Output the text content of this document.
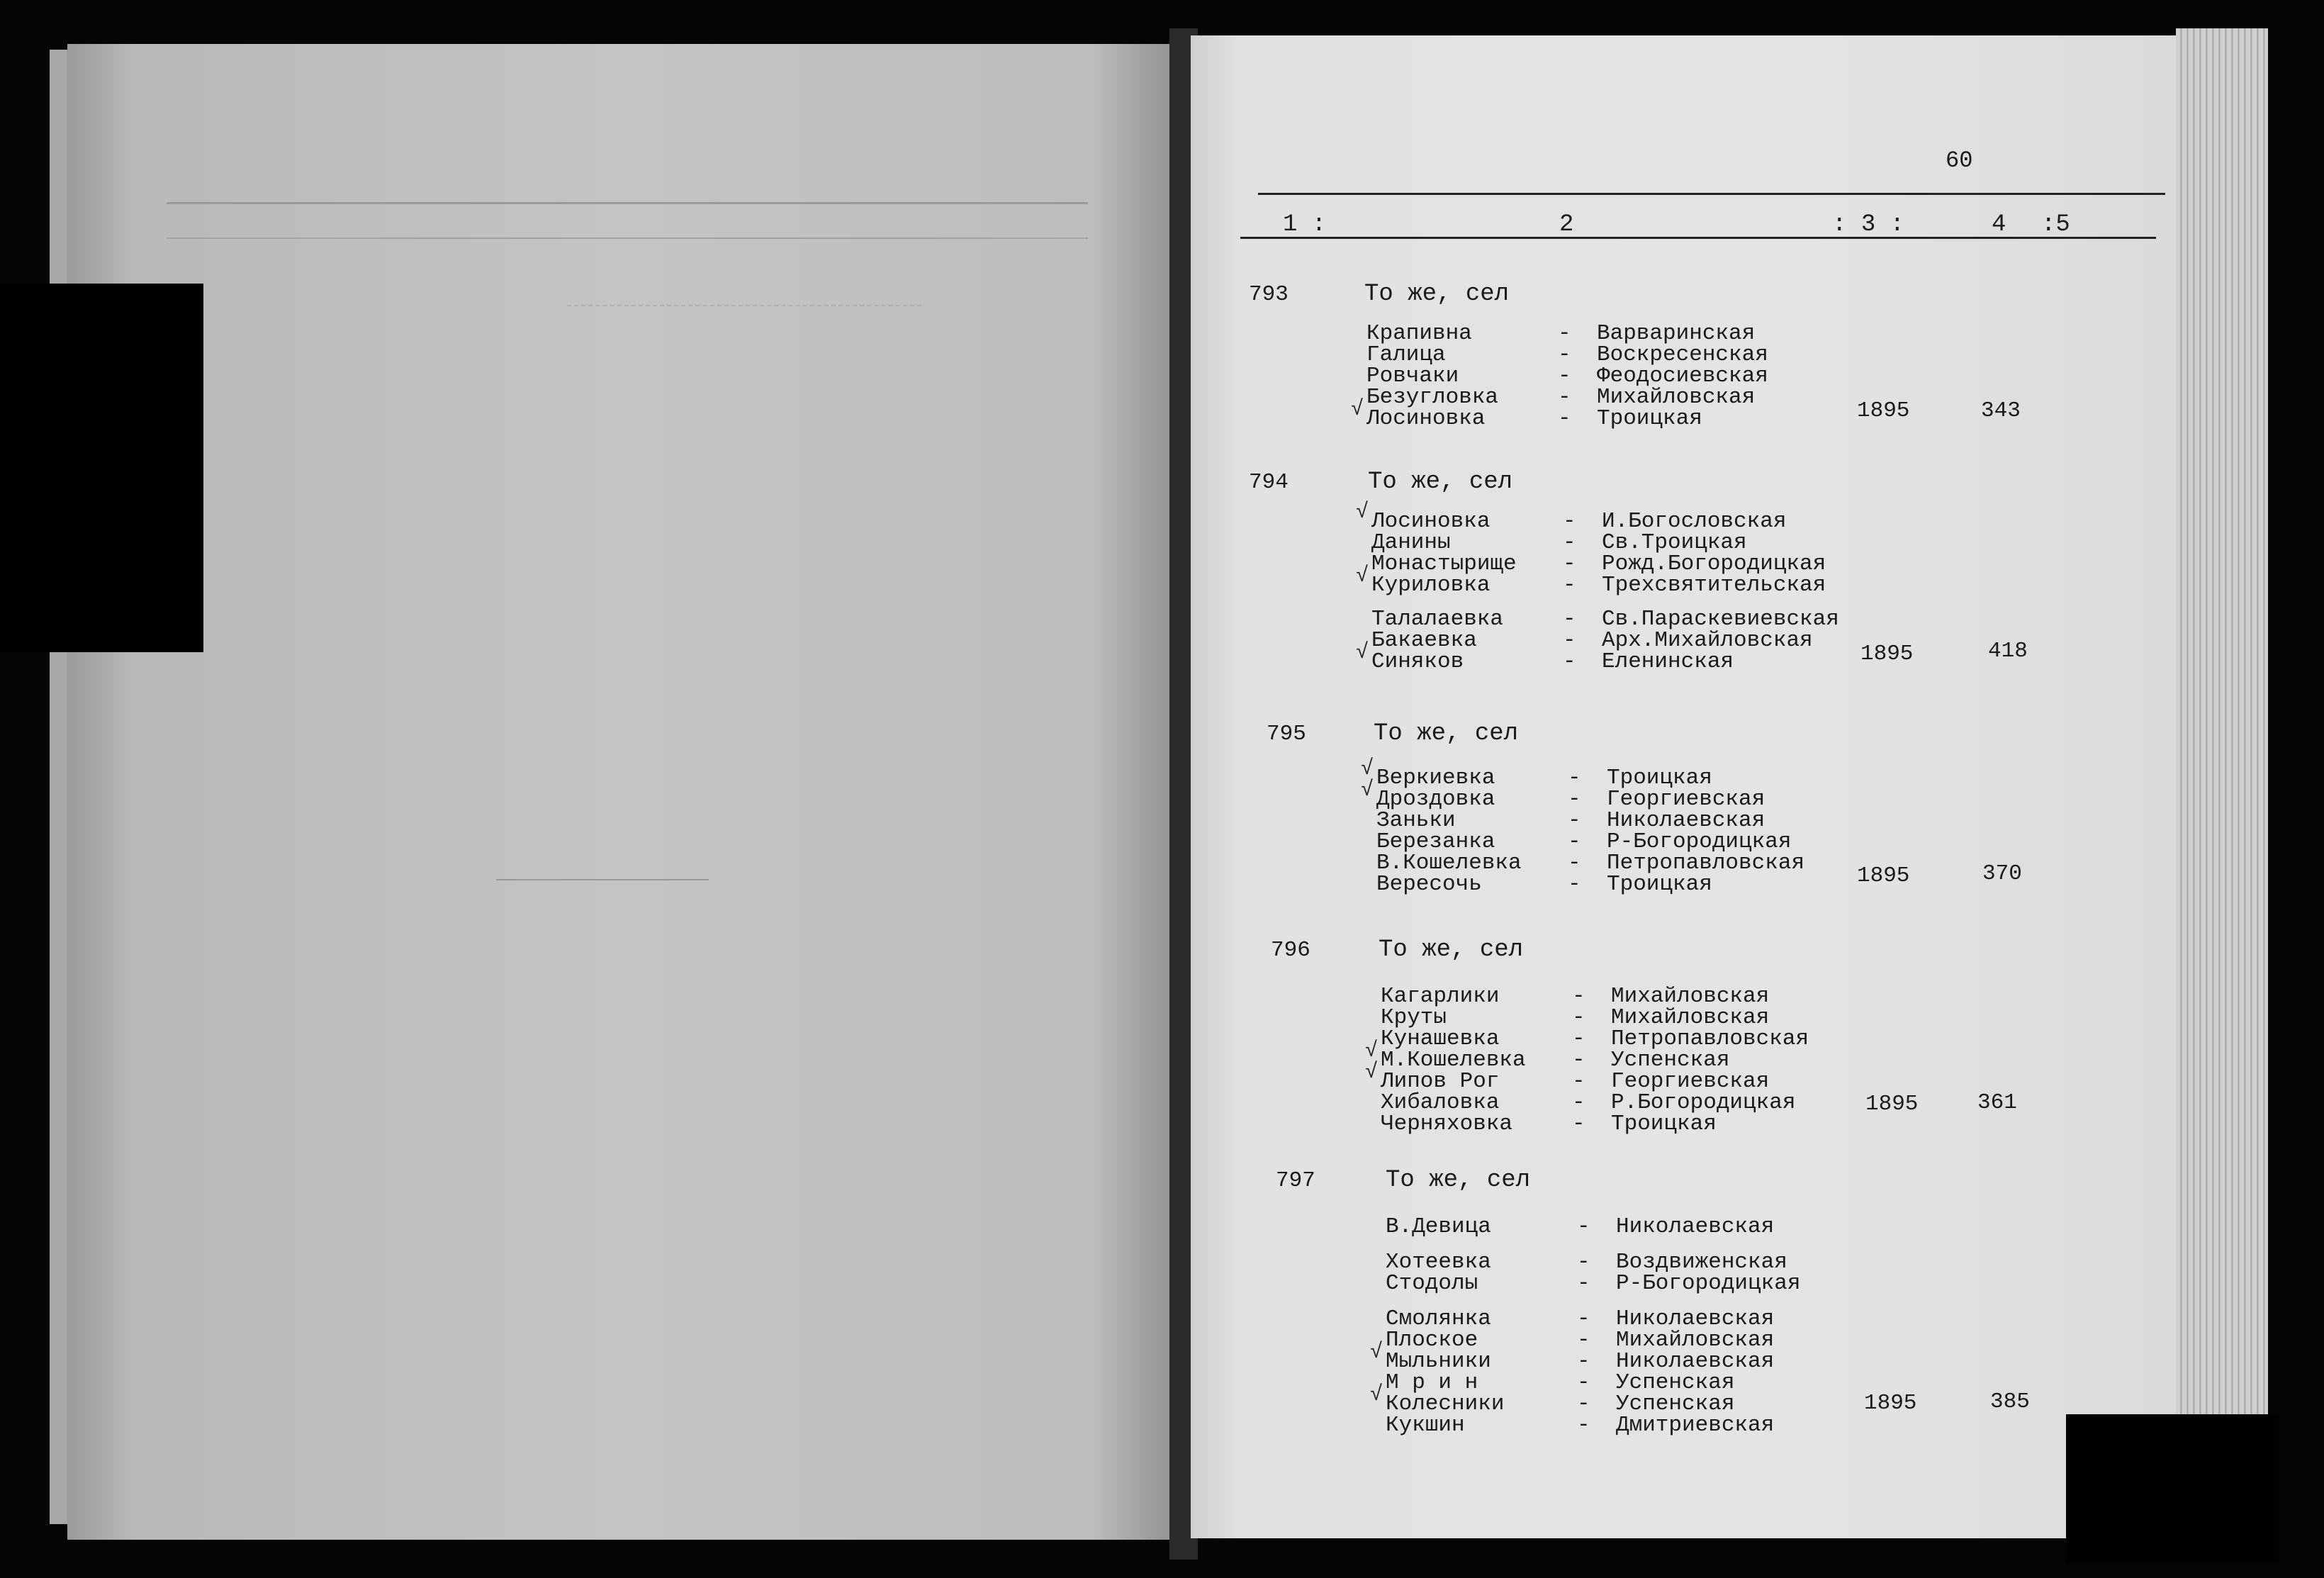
60
1 :	2	: 3 :	4 :5
793	То же, сел
Крапивна	- Варваринская
Галица	- Воскресенская
Ровчаки	- Феодосиевская
Безугловка	- Михайловская
Лосиновка	- Троицкая
√	1895	343
794	То же, сел
Лосиновка	- И.Богословская
√
Данины	- Св.Троицкая
Монастырище - Рожд.Богородицкая
Куриловка	- Трехсвятительская
√
Талалаевка	- Св.Параскевиевская
Бакаевка	- Арх.Михайловская
Синяков	- Еленинская
√	1895	418
795	То же, сел
Веркиевка	- Троицкая
√
Дроздовка	- Георгиевская
√
Заньки	- Николаевская
Березанка	- Р-Богородицкая
В.Кошелевка - Петропавловская
Вересочь	- Троицкая	1895	370
796	То же, сел
Кагарлики	- Михайловская
Круты	- Михайловская
Кунашевка	- Петропавловская
М.Кошелевка - Успенская
√
Липов Рог	- Георгиевская
√
Хибаловка	- Р.Богородицкая
Черняховка	- Троицкая
1895	361
797	То же, сел
В.Девица	- Николаевская
Хотеевка	- Воздвиженская
Стодолы	- Р-Богородицкая
Смолянка	- Николаевская
Плоское	- Михайловская
Мыльники	- Николаевская
√
М р и н	- Успенская
Колесники	- Успенская
√
Кукшин	- Дмитриевская
1895	385
